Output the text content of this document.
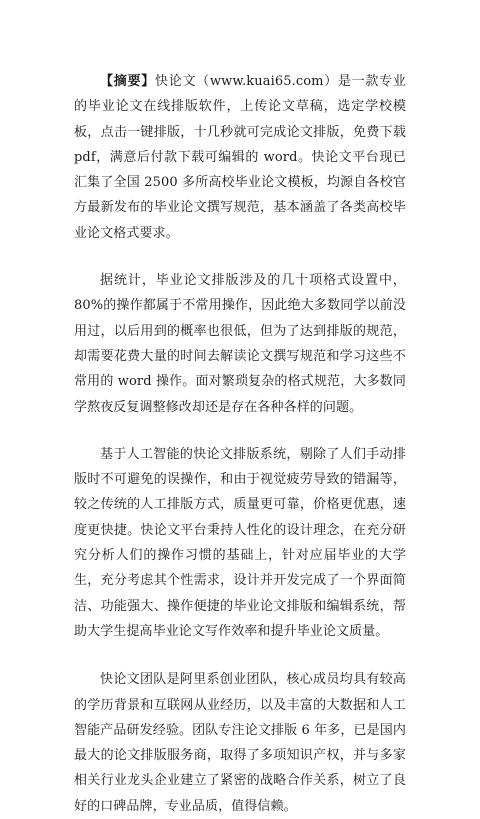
【摘要】快论文（www.kuai65.com）是一款专业的毕业论文在线排版软件，上传论文草稿，选定学校模板，点击一键排版，十几秒就可完成论文排版，免费下载 pdf，满意后付款下载可编辑的 word。快论文平台现已汇集了全国 2500 多所高校毕业论文模板，均源自各校官方最新发布的毕业论文撰写规范，基本涵盖了各类高校毕业论文格式要求。

据统计，毕业论文排版涉及的几十项格式设置中，80%的操作都属于不常用操作，因此绝大多数同学以前没用过，以后用到的概率也很低，但为了达到排版的规范，却需要花费大量的时间去解读论文撰写规范和学习这些不常用的 word 操作。面对繁琐复杂的格式规范，大多数同学熬夜反复调整修改却还是存在各种各样的问题。

基于人工智能的快论文排版系统，剔除了人们手动排版时不可避免的误操作，和由于视觉疲劳导致的错漏等，较之传统的人工排版方式，质量更可靠，价格更优惠，速度更快捷。快论文平台秉持人性化的设计理念，在充分研究分析人们的操作习惯的基础上，针对应届毕业的大学生，充分考虑其个性需求，设计并开发完成了一个界面简洁、功能强大、操作便捷的毕业论文排版和编辑系统，帮助大学生提高毕业论文写作效率和提升毕业论文质量。

快论文团队是阿里系创业团队，核心成员均具有较高的学历背景和互联网从业经历，以及丰富的大数据和人工智能产品研发经验。团队专注论文排版 6 年多，已是国内最大的论文排版服务商，取得了多项知识产权，并与多家相关行业龙头企业建立了紧密的战略合作关系，树立了良好的口碑品牌，专业品质，值得信赖。
